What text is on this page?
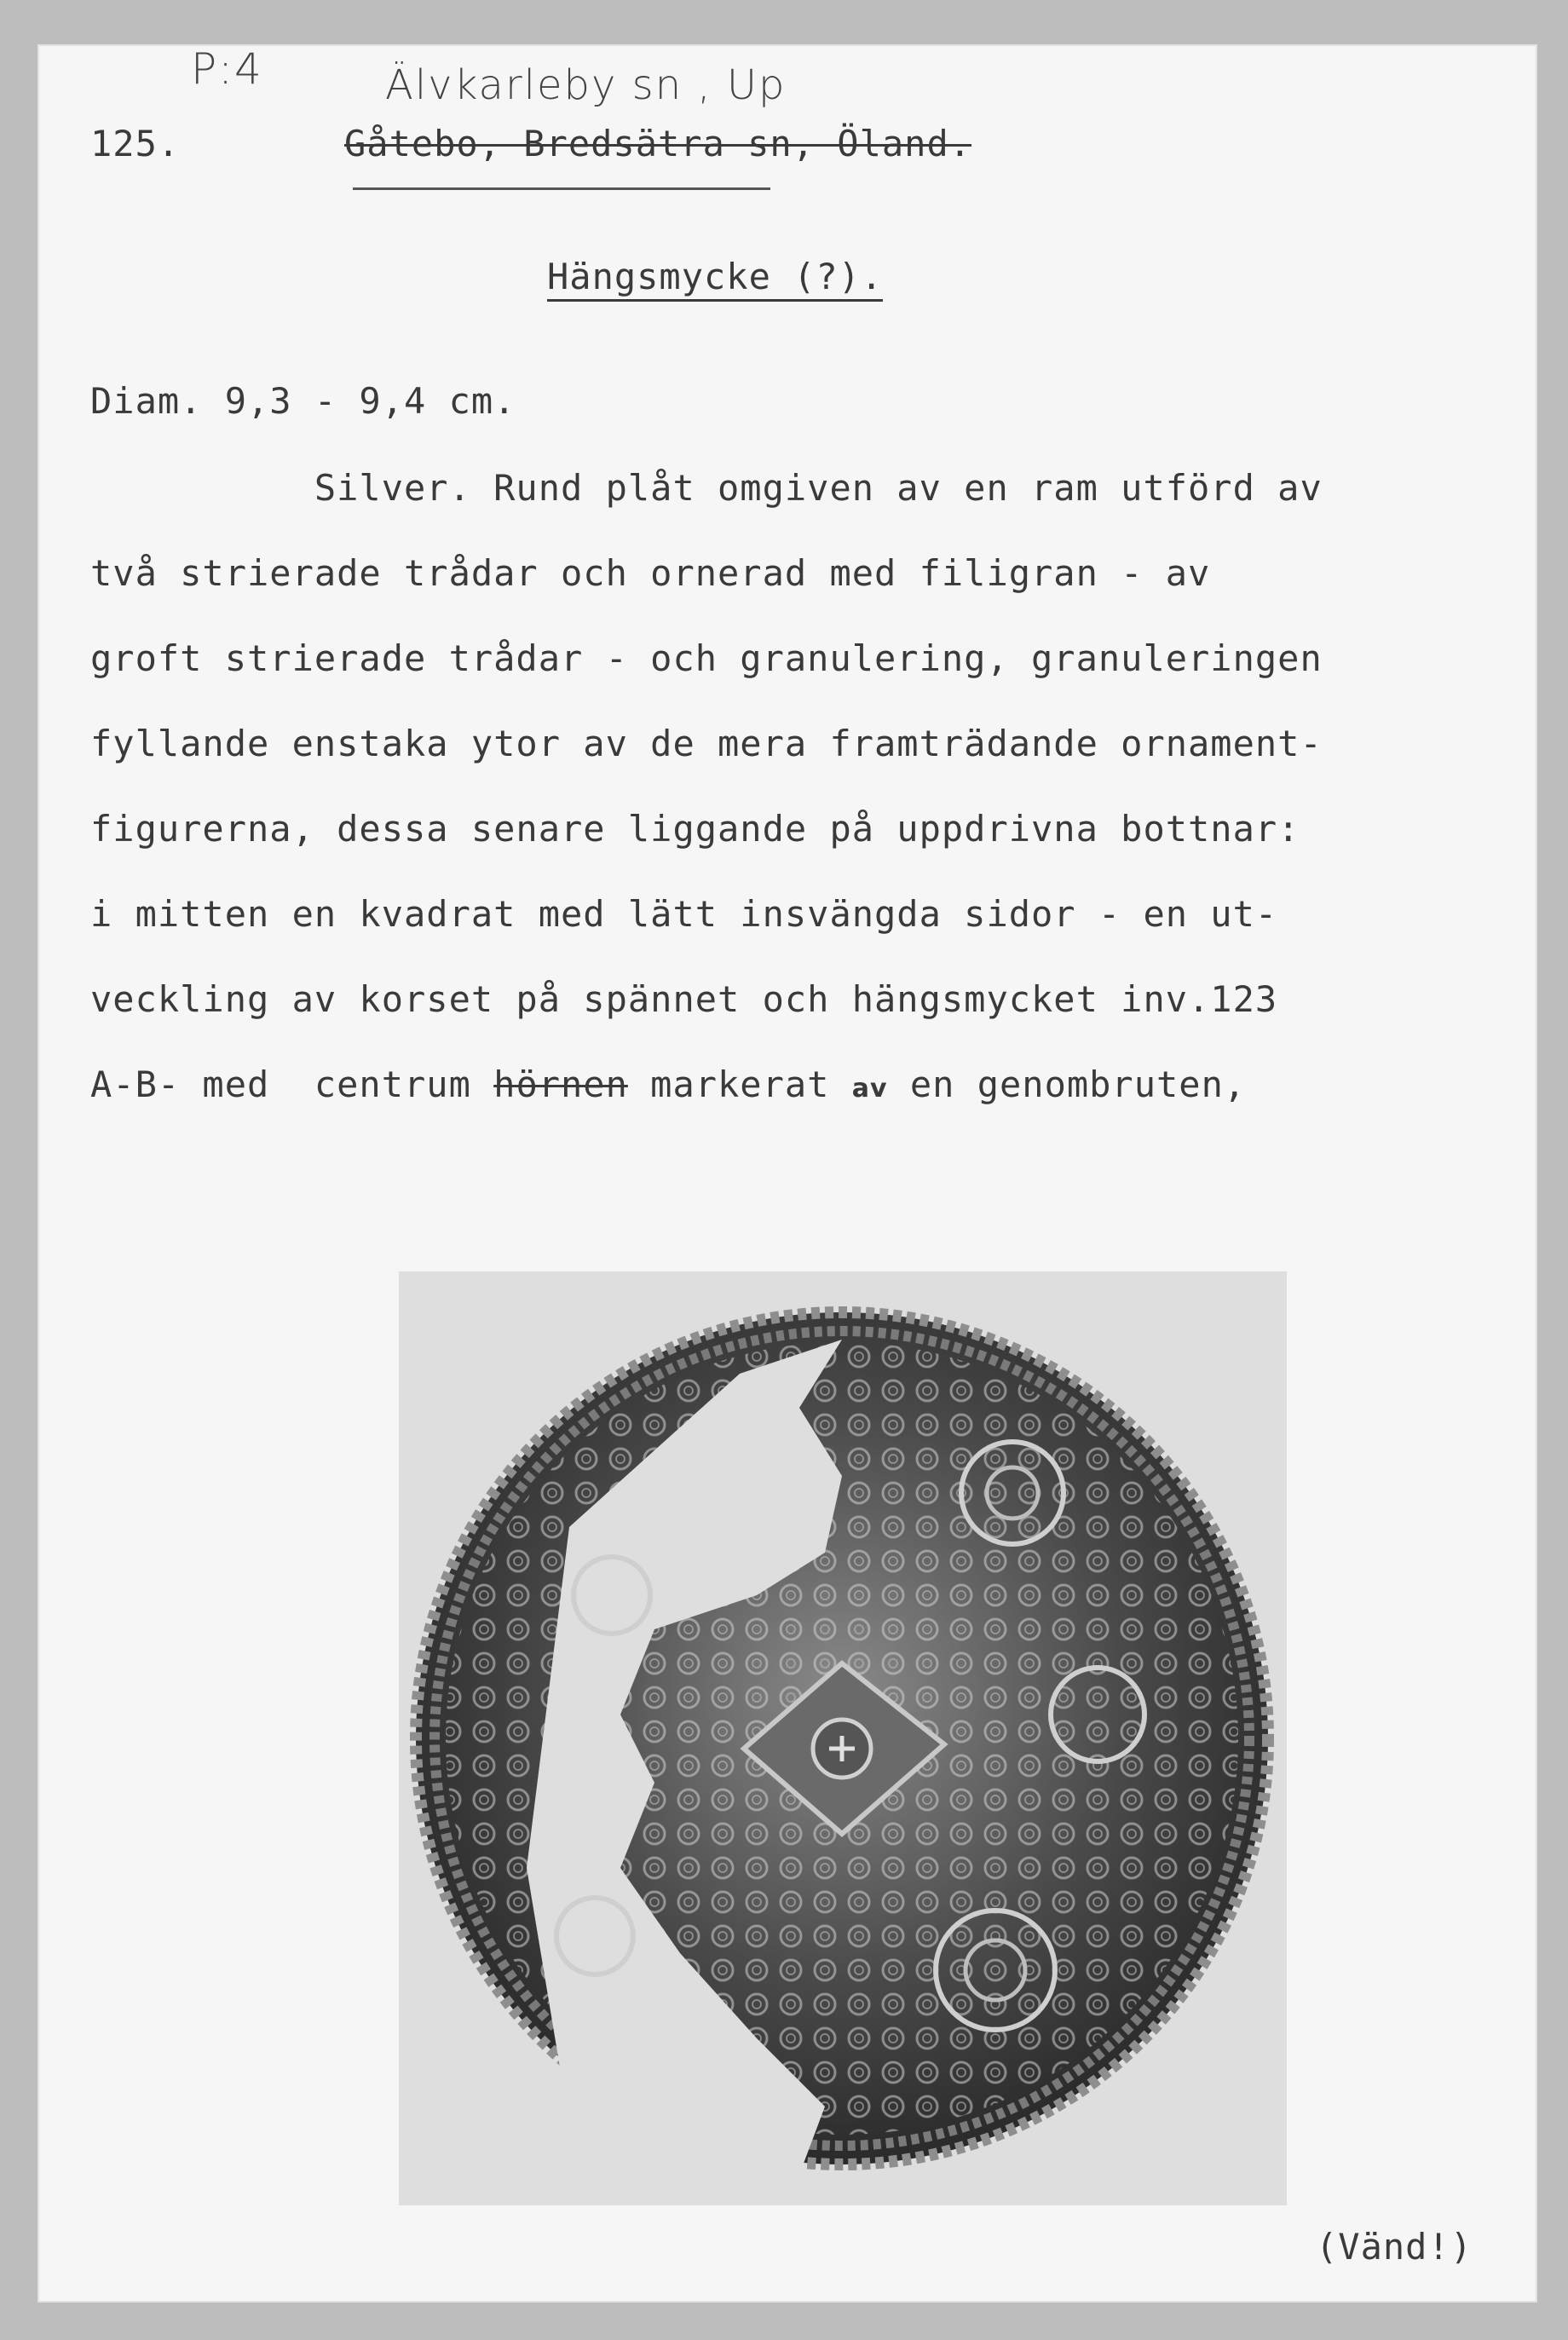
P:4	Älvkarleby sn , Up
125.	Gåtebo, Bredsätra sn, Öland.
Hängsmycke (?).
Diam. 9,3 - 9,4 cm.
Silver. Rund plåt omgiven av en ram utförd av
två strierade trådar och ornerad med filigran - av
groft strierade trådar - och granulering, granuleringen
fyllande enstaka ytor av de mera framträdande ornament-
figurerna, dessa senare liggande på uppdrivna bottnar:
i mitten en kvadrat med lätt insvängda sidor - en ut-
veckling av korset på spännet och hängsmycket inv.123
A-B- med  centrum hörnen markerat av en genombruten,
(Vänd!)
